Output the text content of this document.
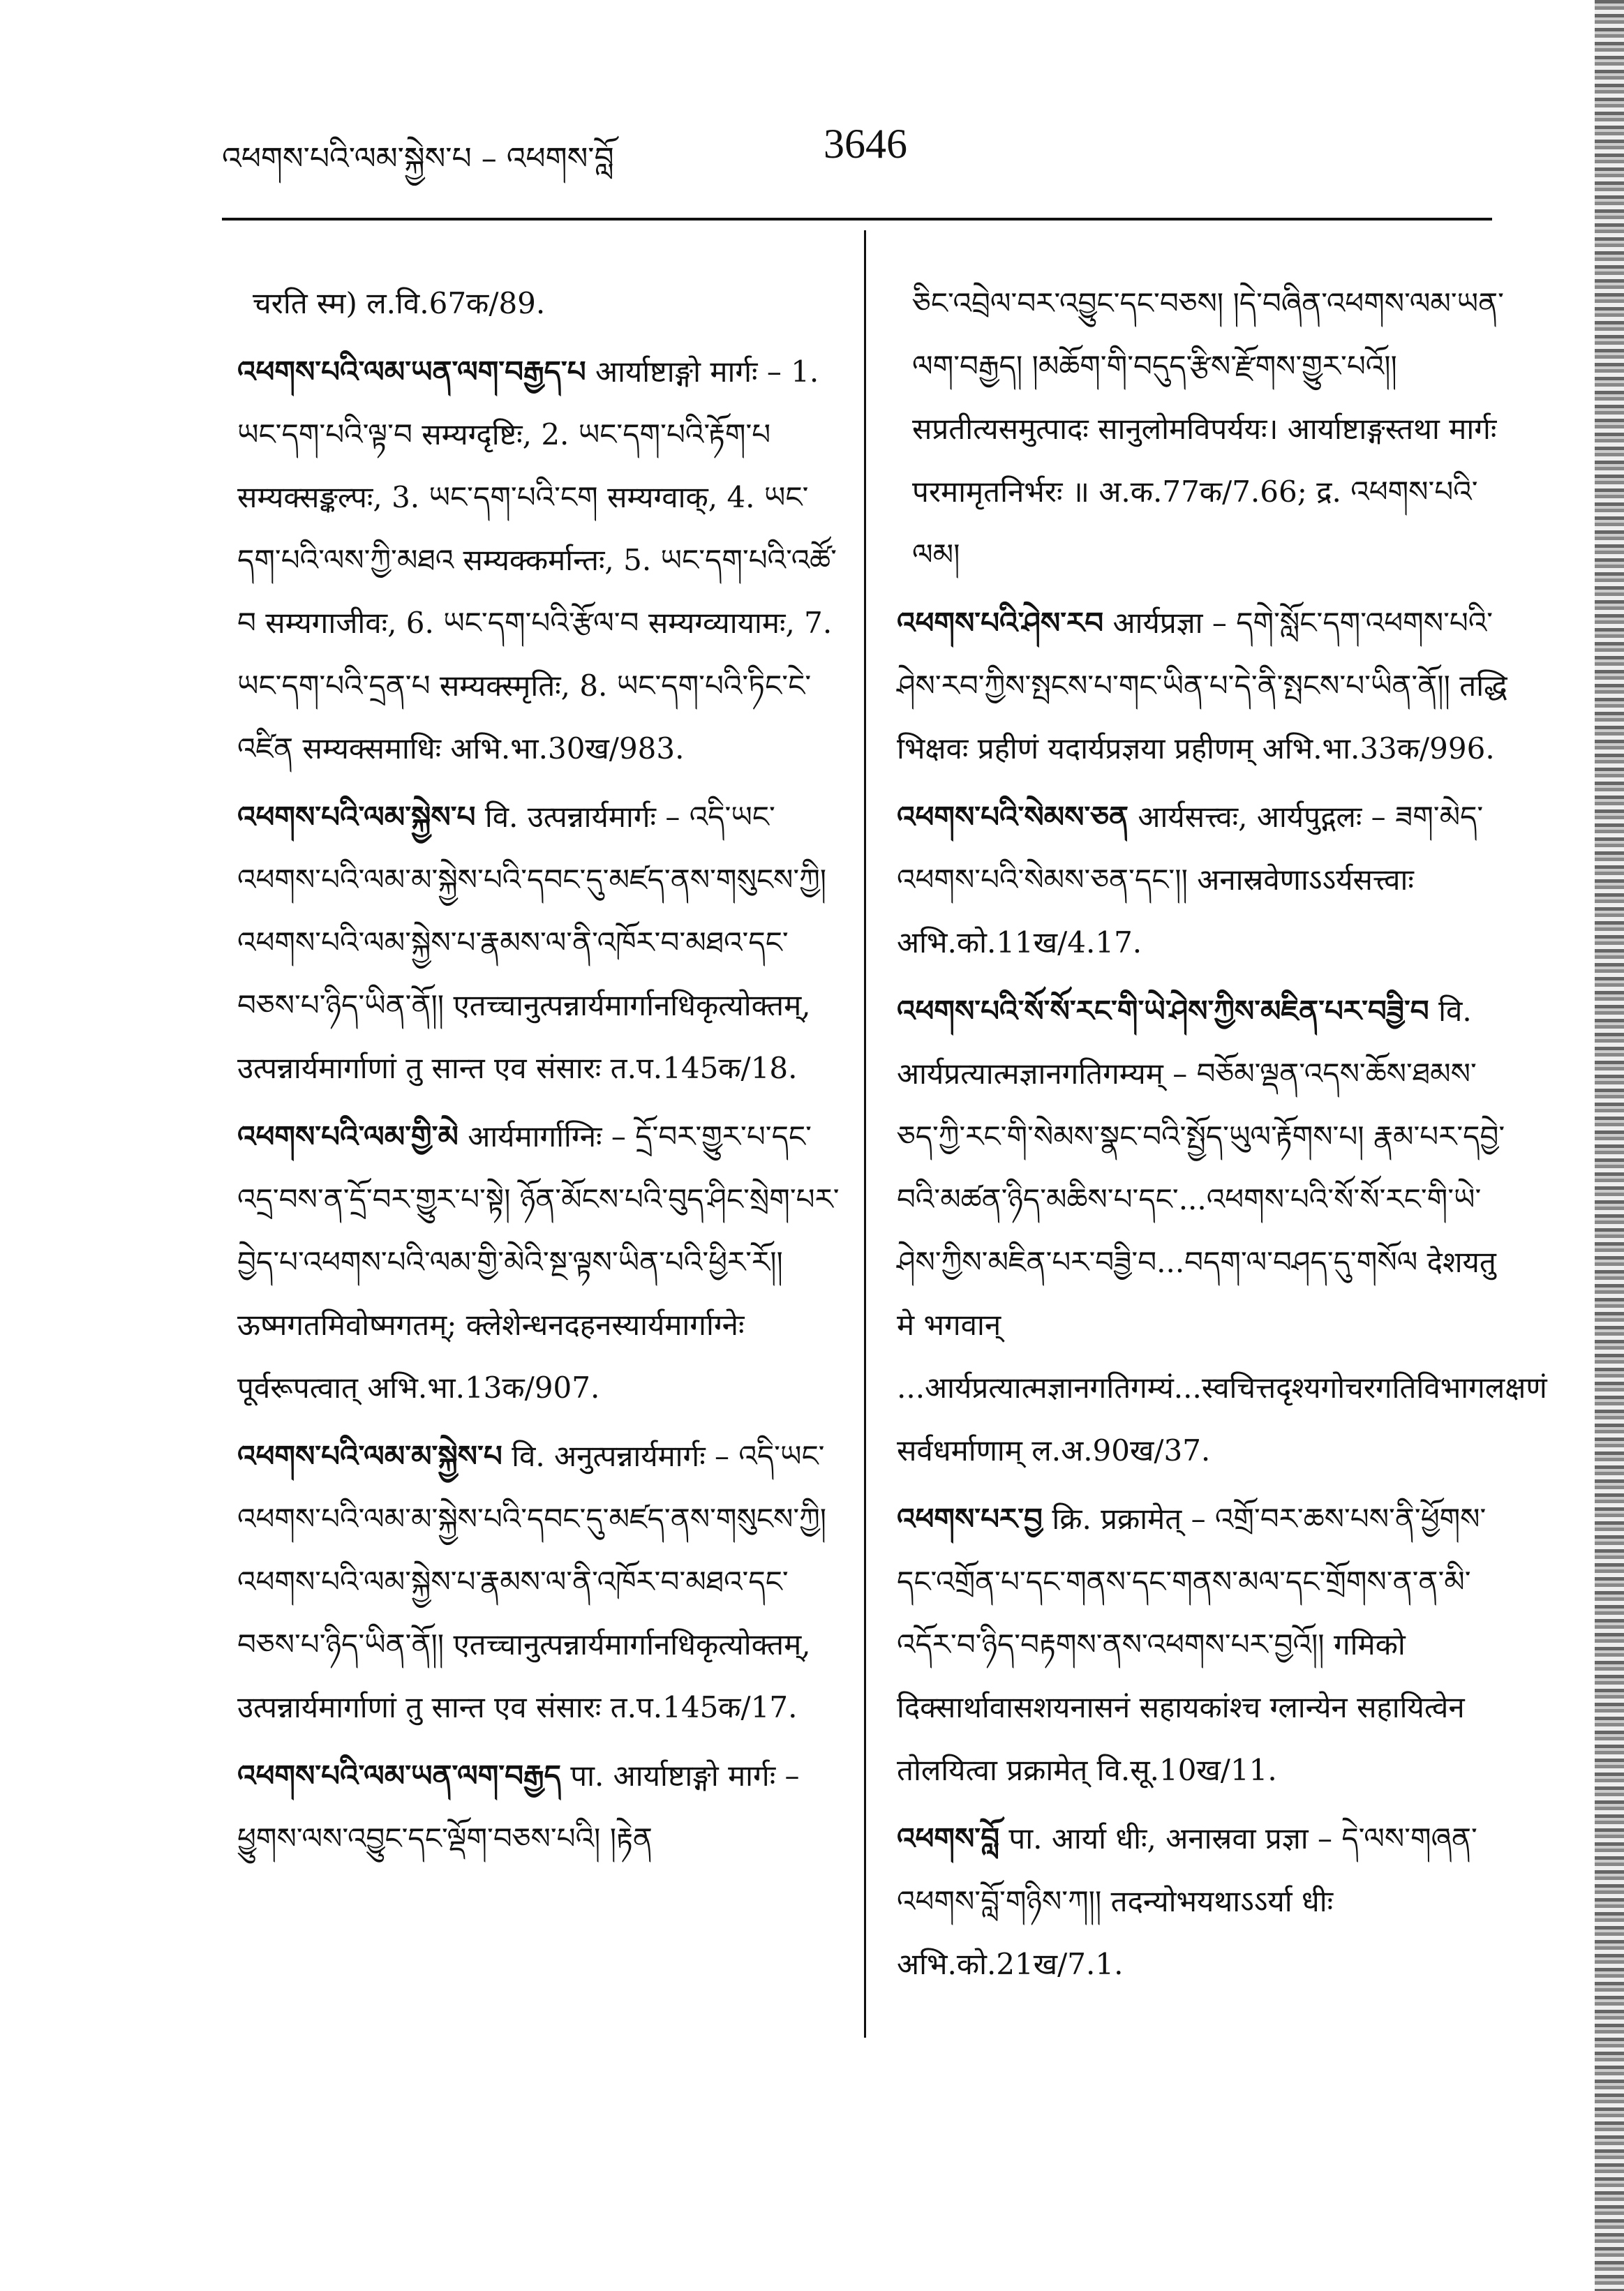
འཕགས་པའི་ལམ་སྐྱེས་པ – འཕགས་བློ	3646

चरति स्म) ल.वि.67क/89.

འཕགས་པའི་ལམ་ཡན་ལག་བརྒྱད་པ आर्याष्टाङ्गो मार्गः – 1. ཡང་དག་པའི་ལྟ་བ सम्यग्दृष्टिः, 2. ཡང་དག་པའི་རྟོག་པ सम्यक्सङ्कल्पः, 3. ཡང་དག་པའི་ངག सम्यग्वाक्, 4. ཡང་དག་པའི་ལས་ཀྱི་མཐའ सम्यक्कर्मान्तः, 5. ཡང་དག་པའི་འཚོ་བ सम्यगाजीवः, 6. ཡང་དག་པའི་རྩོལ་བ सम्यग्व्यायामः, 7. ཡང་དག་པའི་དྲན་པ सम्यक्स्मृतिः, 8. ཡང་དག་པའི་ཏིང་ངེ་འཛིན सम्यक्समाधिः अभि.भा.30ख/983.

འཕགས་པའི་ལམ་སྐྱེས་པ वि. उत्पन्नार्यमार्गः – འདི་ཡང་འཕགས་པའི་ལམ་མ་སྐྱེས་པའི་དབང་དུ་མཛད་ནས་གསུངས་ཀྱི། འཕགས་པའི་ལམ་སྐྱེས་པ་རྣམས་ལ་ནི་འཁོར་བ་མཐའ་དང་བཅས་པ་ཉིད་ཡིན་ནོ།། एतच्चानुत्पन्नार्यमार्गानधिकृत्योक्तम्, उत्पन्नार्यमार्गाणां तु सान्त एव संसारः त.प.145क/18.

འཕགས་པའི་ལམ་གྱི་མེ आर्यमार्गाग्निः – དྲོ་བར་གྱུར་པ་དང་འདྲ་བས་ན་དྲོ་བར་གྱུར་པ་སྟེ། ཉོན་མོངས་པའི་བུད་ཤིང་སྲེག་པར་བྱེད་པ་འཕགས་པའི་ལམ་གྱི་མེའི་སྔ་ལྟས་ཡིན་པའི་ཕྱིར་རོ།། ऊष्मगतमिवोष्मगतम्; क्लेशेन्धनदहनस्यार्यमार्गाग्नेः पूर्वरूपत्वात् अभि.भा.13क/907.

འཕགས་པའི་ལམ་མ་སྐྱེས་པ वि. अनुत्पन्नार्यमार्गः – འདི་ཡང་འཕགས་པའི་ལམ་མ་སྐྱེས་པའི་དབང་དུ་མཛད་ནས་གསུངས་ཀྱི། འཕགས་པའི་ལམ་སྐྱེས་པ་རྣམས་ལ་ནི་འཁོར་བ་མཐའ་དང་བཅས་པ་ཉིད་ཡིན་ནོ།། एतच्चानुत्पन्नार्यमार्गानधिकृत्योक्तम्, उत्पन्नार्यमार्गाणां तु सान्त एव संसारः त.प.145क/17.

འཕགས་པའི་ལམ་ཡན་ལག་བརྒྱད पा. आर्याष्टाङ्गो मार्गः – ཕྱུགས་ལས་འབྱུང་དང་ལྡོག་བཅས་པའི། །རྟེན

ཅིང་འབྲེལ་བར་འབྱུང་དང་བཅས། །དེ་བཞིན་འཕགས་ལམ་ཡན་ལག་བརྒྱད། །མཆོག་གི་བདུད་རྩིས་རྫོགས་གྱུར་པའོ།། सप्रतीत्यसमुत्पादः सानुलोमविपर्ययः। आर्याष्टाङ्गस्तथा मार्गः परमामृतनिर्भरः ॥ अ.क.77क/7.66; द्र. འཕགས་པའི་ལམ།

འཕགས་པའི་ཤེས་རབ आर्यप्रज्ञा – དགེ་སློང་དག་འཕགས་པའི་ཤེས་རབ་ཀྱིས་སྤངས་པ་གང་ཡིན་པ་དེ་ནི་སྤངས་པ་ཡིན་ནོ།། तद्धि भिक्षवः प्रहीणं यदार्यप्रज्ञया प्रहीणम् अभि.भा.33क/996.

འཕགས་པའི་སེམས་ཅན आर्यसत्त्वः, आर्यपुद्गलः – ཟག་མེད་འཕགས་པའི་སེམས་ཅན་དང་།། अनास्रवेणाऽऽर्यसत्त्वाः अभि.को.11ख/4.17.

འཕགས་པའི་སོ་སོ་རང་གི་ཡེ་ཤེས་ཀྱིས་མཇིན་པར་བཟྱི་བ वि. आर्यप्रत्यात्मज्ञानगतिगम्यम् – བཅོམ་ལྡན་འདས་ཆོས་ཐམས་ཅད་ཀྱི་རང་གི་སེམས་སྣང་བའི་སྤྱོད་ཡུལ་རྟོགས་པ། རྣམ་པར་དབྱེ་བའི་མཚན་ཉིད་མཆིས་པ་དང་...འཕགས་པའི་སོ་སོ་རང་གི་ཡེ་ཤེས་ཀྱིས་མཇིན་པར་བཟྱི་བ...བདག་ལ་བཤད་དུ་གསོལ देशयतु मे भगवान् ...आर्यप्रत्यात्मज्ञानगतिगम्यं...स्वचित्तदृश्यगोचरगतिविभागलक्षणं सर्वधर्माणाम् ल.अ.90ख/37.

འཕགས་པར་བྱ क्रि. प्रक्रामेत् – འགྲོ་བར་ཆས་པས་ནི་ཕྱོགས་དང་འགྲོན་པ་དང་གནས་དང་གནས་མལ་དང་གྲོགས་ན་ན་མི་འདོར་བ་ཉིད་བརྟགས་ནས་འཕགས་པར་བྱའོ།། गमिको दिक्सार्थावासशयनासनं सहायकांश्च ग्लान्येन सहायित्वेन तोलयित्वा प्रक्रामेत् वि.सू.10ख/11.

འཕགས་བློ पा. आर्या धीः, अनास्रवा प्रज्ञा – དེ་ལས་གཞན་འཕགས་བློ་གཉིས་ཀ།། तदन्योभयथाऽऽर्या धीः अभि.को.21ख/7.1.
